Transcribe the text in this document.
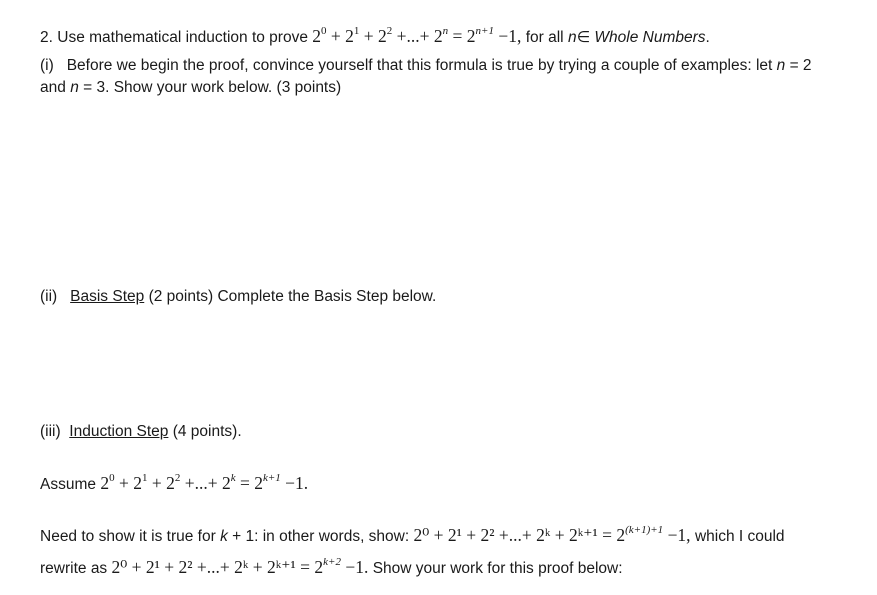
2. Use mathematical induction to prove $2^0 + 2^1 + 2^2$ +...+ $2^n = 2^{n+1} -1$, for all n∈ Whole Numbers.
(i) Before we begin the proof, convince yourself that this formula is true by trying a couple of examples: let n = 2
and n = 3. Show your work below. (3 points)
(ii) Basis Step (2 points) Complete the Basis Step below.
(iii) Induction Step (4 points).
Assume $2^0 + 2^1 + 2^2$ +...+ $2^k = 2^{k+1} -1$.
Need to show it is true for k + 1: in other words, show: 2⁰ + 2¹ + 2² +...+ 2ᵏ + 2ᵏ⁺¹ = $2^{(k+1)+1} -1$, which I could
rewrite as 2⁰ + 2¹ + 2² +...+ 2ᵏ + 2ᵏ⁺¹ = $2^{k+2} -1$. Show your work for this proof below:
